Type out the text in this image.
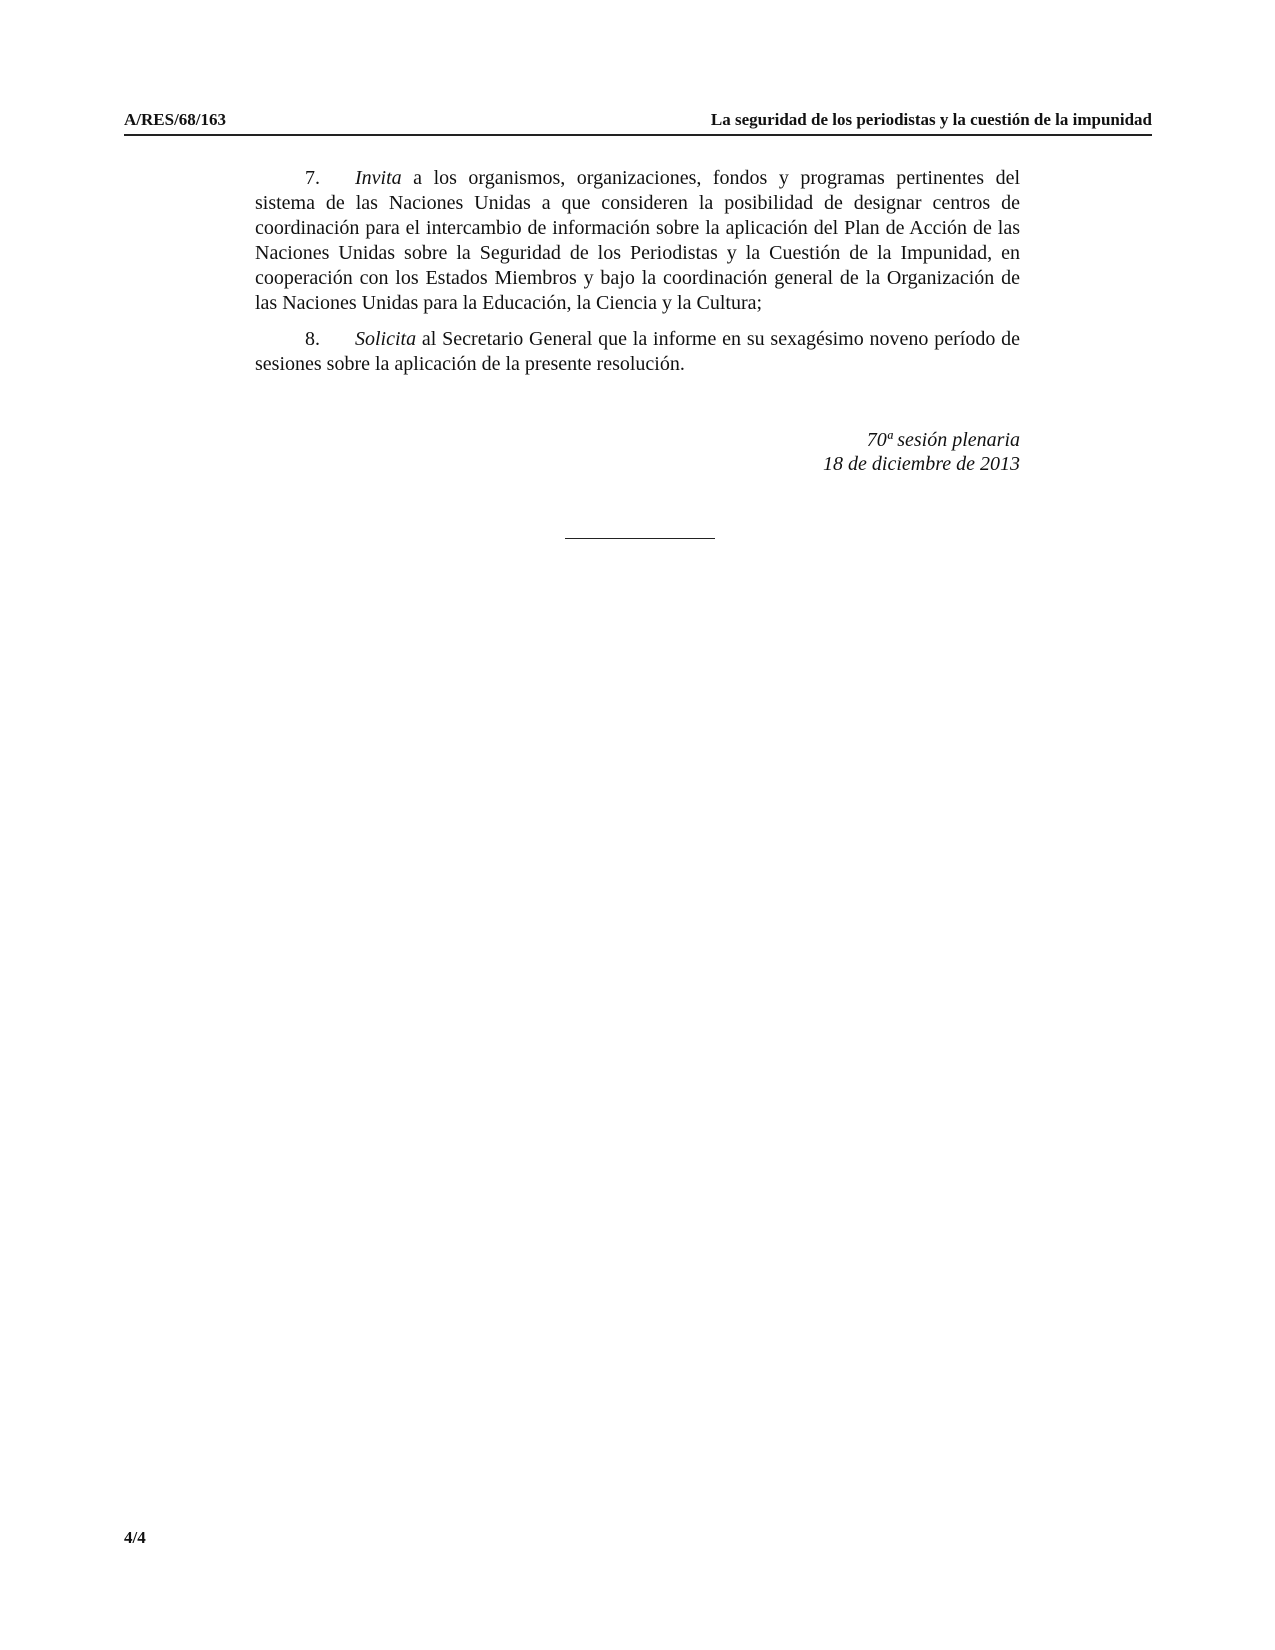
A/RES/68/163	La seguridad de los periodistas y la cuestión de la impunidad

7. Invita a los organismos, organizaciones, fondos y programas pertinentes del sistema de las Naciones Unidas a que consideren la posibilidad de designar centros de coordinación para el intercambio de información sobre la aplicación del Plan de Acción de las Naciones Unidas sobre la Seguridad de los Periodistas y la Cuestión de la Impunidad, en cooperación con los Estados Miembros y bajo la coordinación general de la Organización de las Naciones Unidas para la Educación, la Ciencia y la Cultura;

8. Solicita al Secretario General que la informe en su sexagésimo noveno período de sesiones sobre la aplicación de la presente resolución.

70ª sesión plenaria
18 de diciembre de 2013
4/4
